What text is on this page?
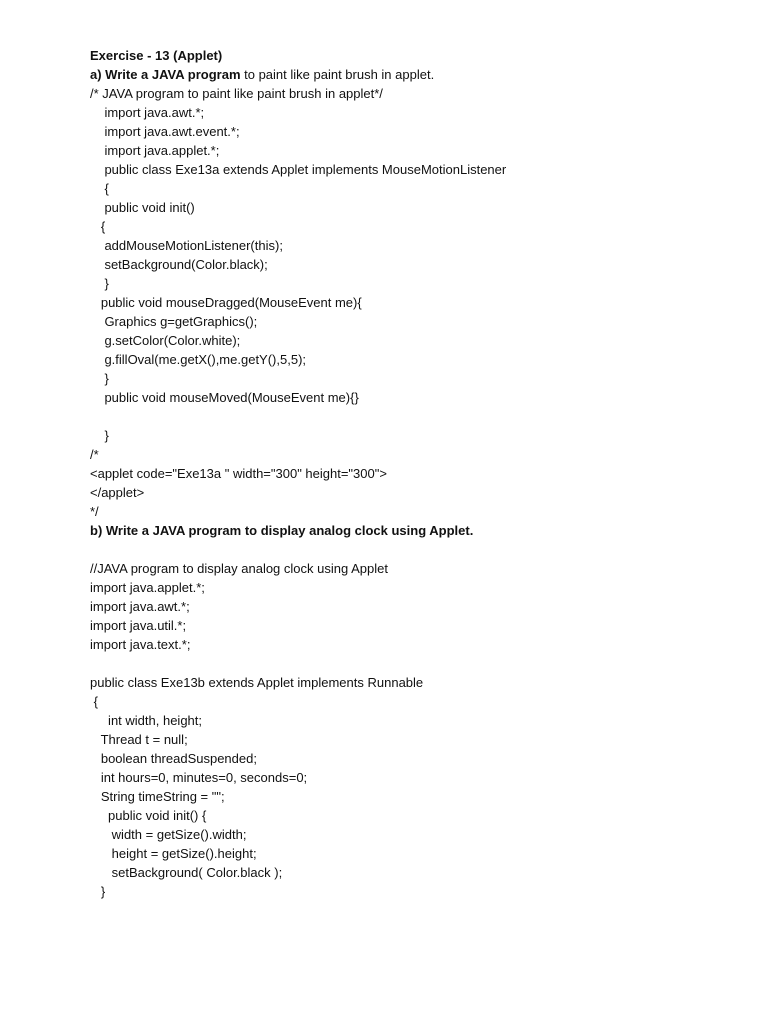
Exercise - 13 (Applet)
a) Write a JAVA program to paint like paint brush in applet.
/* JAVA program to paint like paint brush in applet*/
import java.awt.*;
import java.awt.event.*;
import java.applet.*;
public class Exe13a extends Applet implements MouseMotionListener
{
public void init()
{
addMouseMotionListener(this);
setBackground(Color.black);
}
public void mouseDragged(MouseEvent me){
Graphics g=getGraphics();
g.setColor(Color.white);
g.fillOval(me.getX(),me.getY(),5,5);
}
public void mouseMoved(MouseEvent me){}
}
/*
<applet code="Exe13a " width="300" height="300">
</applet>
*/
b) Write a JAVA program to display analog clock using Applet.
//JAVA program to display analog clock using Applet
import java.applet.*;
import java.awt.*;
import java.util.*;
import java.text.*;
public class Exe13b extends Applet implements Runnable
{
int width, height;
Thread t = null;
boolean threadSuspended;
int hours=0, minutes=0, seconds=0;
String timeString = "";
public void init() {
width = getSize().width;
height = getSize().height;
setBackground( Color.black );
}
